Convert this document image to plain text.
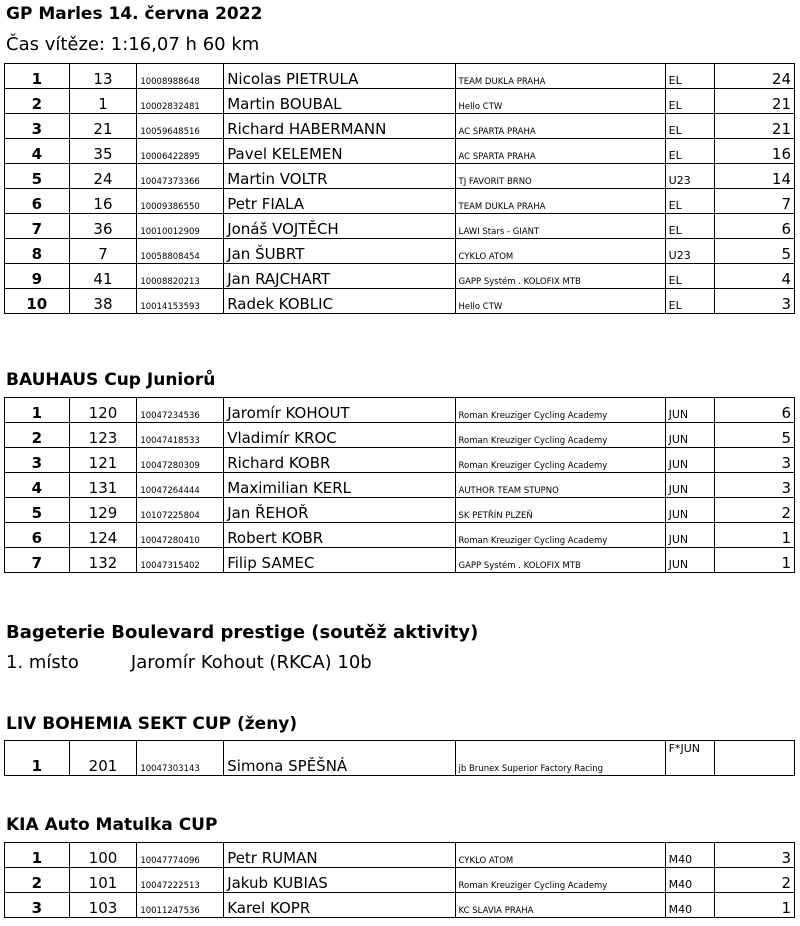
GP Marles 14. června 2022
Čas vítěze: 1:16,07 h 60 km
1	13	10008988648	Nicolas PIETRULA	TEAM DUKLA PRAHA	EL	24
2	1	10002832481	Martin BOUBAL	Hello CTW	EL	21
3	21	10059648516	Richard HABERMANN	AC SPARTA PRAHA	EL	21
4	35	10006422895	Pavel KELEMEN	AC SPARTA PRAHA	EL	16
5	24	10047373366	Martin VOLTR	TJ FAVORIT BRNO	U23	14
6	16	10009386550	Petr FIALA	TEAM DUKLA PRAHA	EL	7
7	36	10010012909	Jonáš VOJTĚCH	LAWI Stars - GIANT	EL	6
8	7	10058808454	Jan ŠUBRT	CYKLO ATOM	U23	5
9	41	10008820213	Jan RAJCHART	GAPP Systém . KOLOFIX MTB	EL	4
10	38	10014153593	Radek KOBLIC	Hello CTW	EL	3
BAUHAUS Cup Juniorů
1	120	10047234536	Jaromír KOHOUT	Roman Kreuziger Cycling Academy	JUN	6
2	123	10047418533	Vladimír KROC	Roman Kreuziger Cycling Academy	JUN	5
3	121	10047280309	Richard KOBR	Roman Kreuziger Cycling Academy	JUN	3
4	131	10047264444	Maximilian KERL	AUTHOR TEAM STUPNO	JUN	3
5	129	10107225804	Jan ŘEHOŘ	SK PETŘÍN PLZEŇ	JUN	2
6	124	10047280410	Robert KOBR	Roman Kreuziger Cycling Academy	JUN	1
7	132	10047315402	Filip SAMEC	GAPP Systém . KOLOFIX MTB	JUN	1
Bageterie Boulevard prestige (soutěž aktivity)
1. místo	Jaromír Kohout (RKCA) 10b
LIV BOHEMIA SEKT CUP (ženy)
1	201	10047303143	Simona SPĚŠNÁ	jb Brunex Superior Factory Racing	F*JUN	
KIA Auto Matulka CUP
1	100	10047774096	Petr RUMAN	CYKLO ATOM	M40	3
2	101	10047222513	Jakub KUBIAS	Roman Kreuziger Cycling Academy	M40	2
3	103	10011247536	Karel KOPR	KC SLAVIA PRAHA	M40	1
